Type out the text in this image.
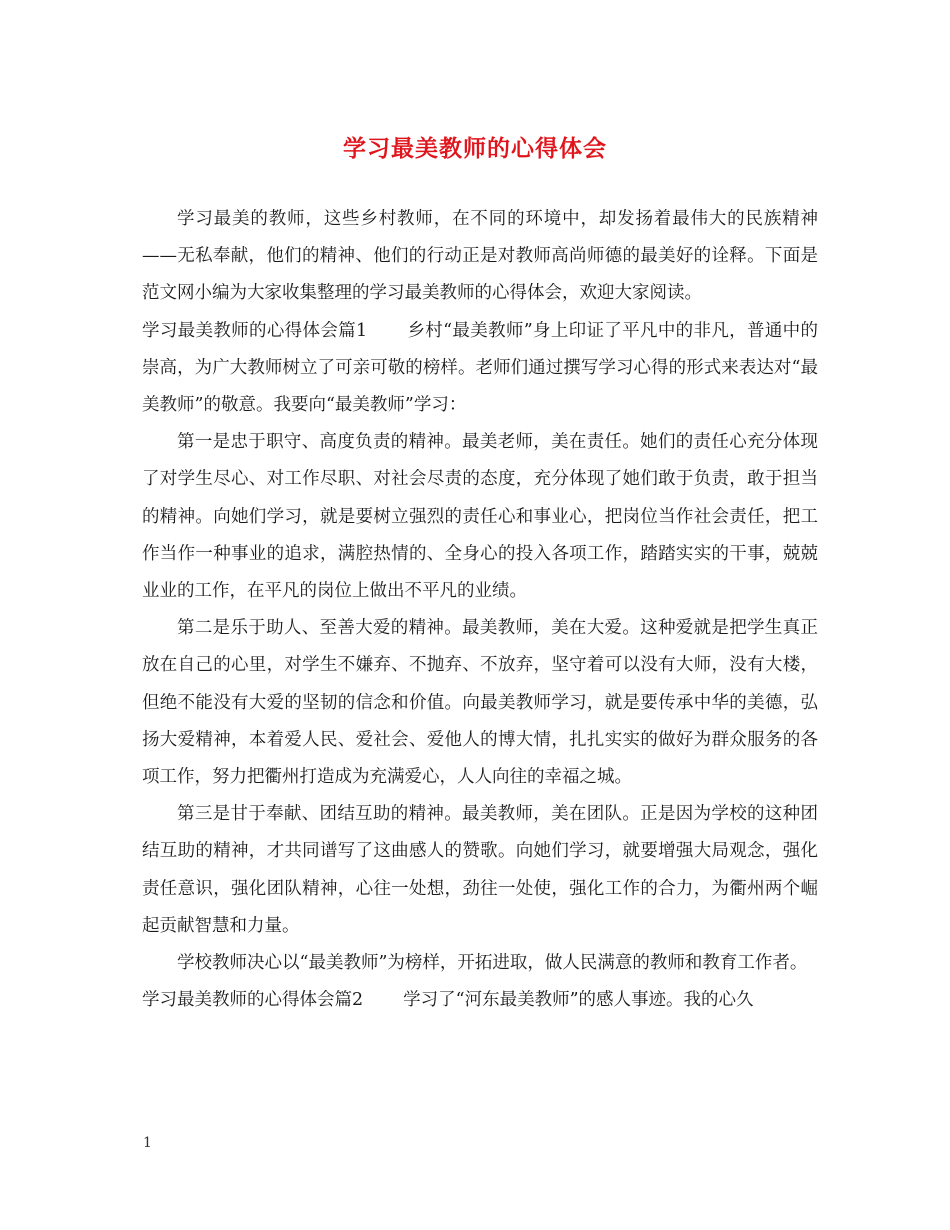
学习最美教师的心得体会

学习最美的教师，这些乡村教师，在不同的环境中，却发扬着最伟大的民族精神——无私奉献，他们的精神、他们的行动正是对教师高尚师德的最美好的诠释。下面是范文网小编为大家收集整理的学习最美教师的心得体会，欢迎大家阅读。

学习最美教师的心得体会篇1 乡村“最美教师”身上印证了平凡中的非凡，普通中的崇高，为广大教师树立了可亲可敬的榜样。老师们通过撰写学习心得的形式来表达对“最美教师”的敬意。我要向“最美教师”学习：

第一是忠于职守、高度负责的精神。最美老师，美在责任。她们的责任心充分体现了对学生尽心、对工作尽职、对社会尽责的态度，充分体现了她们敢于负责，敢于担当的精神。向她们学习，就是要树立强烈的责任心和事业心，把岗位当作社会责任，把工作当作一种事业的追求，满腔热情的、全身心的投入各项工作，踏踏实实的干事，兢兢业业的工作，在平凡的岗位上做出不平凡的业绩。

第二是乐于助人、至善大爱的精神。最美教师，美在大爱。这种爱就是把学生真正放在自己的心里，对学生不嫌弃、不抛弃、不放弃，坚守着可以没有大师，没有大楼，但绝不能没有大爱的坚韧的信念和价值。向最美教师学习，就是要传承中华的美德，弘扬大爱精神，本着爱人民、爱社会、爱他人的博大情，扎扎实实的做好为群众服务的各项工作，努力把衢州打造成为充满爱心，人人向往的幸福之城。

第三是甘于奉献、团结互助的精神。最美教师，美在团队。正是因为学校的这种团结互助的精神，才共同谱写了这曲感人的赞歌。向她们学习，就要增强大局观念，强化责任意识，强化团队精神，心往一处想，劲往一处使，强化工作的合力，为衢州两个崛起贡献智慧和力量。

学校教师决心以“最美教师”为榜样，开拓进取，做人民满意的教师和教育工作者。

学习最美教师的心得体会篇2 学习了“河东最美教师”的感人事迹。我的心久

1
